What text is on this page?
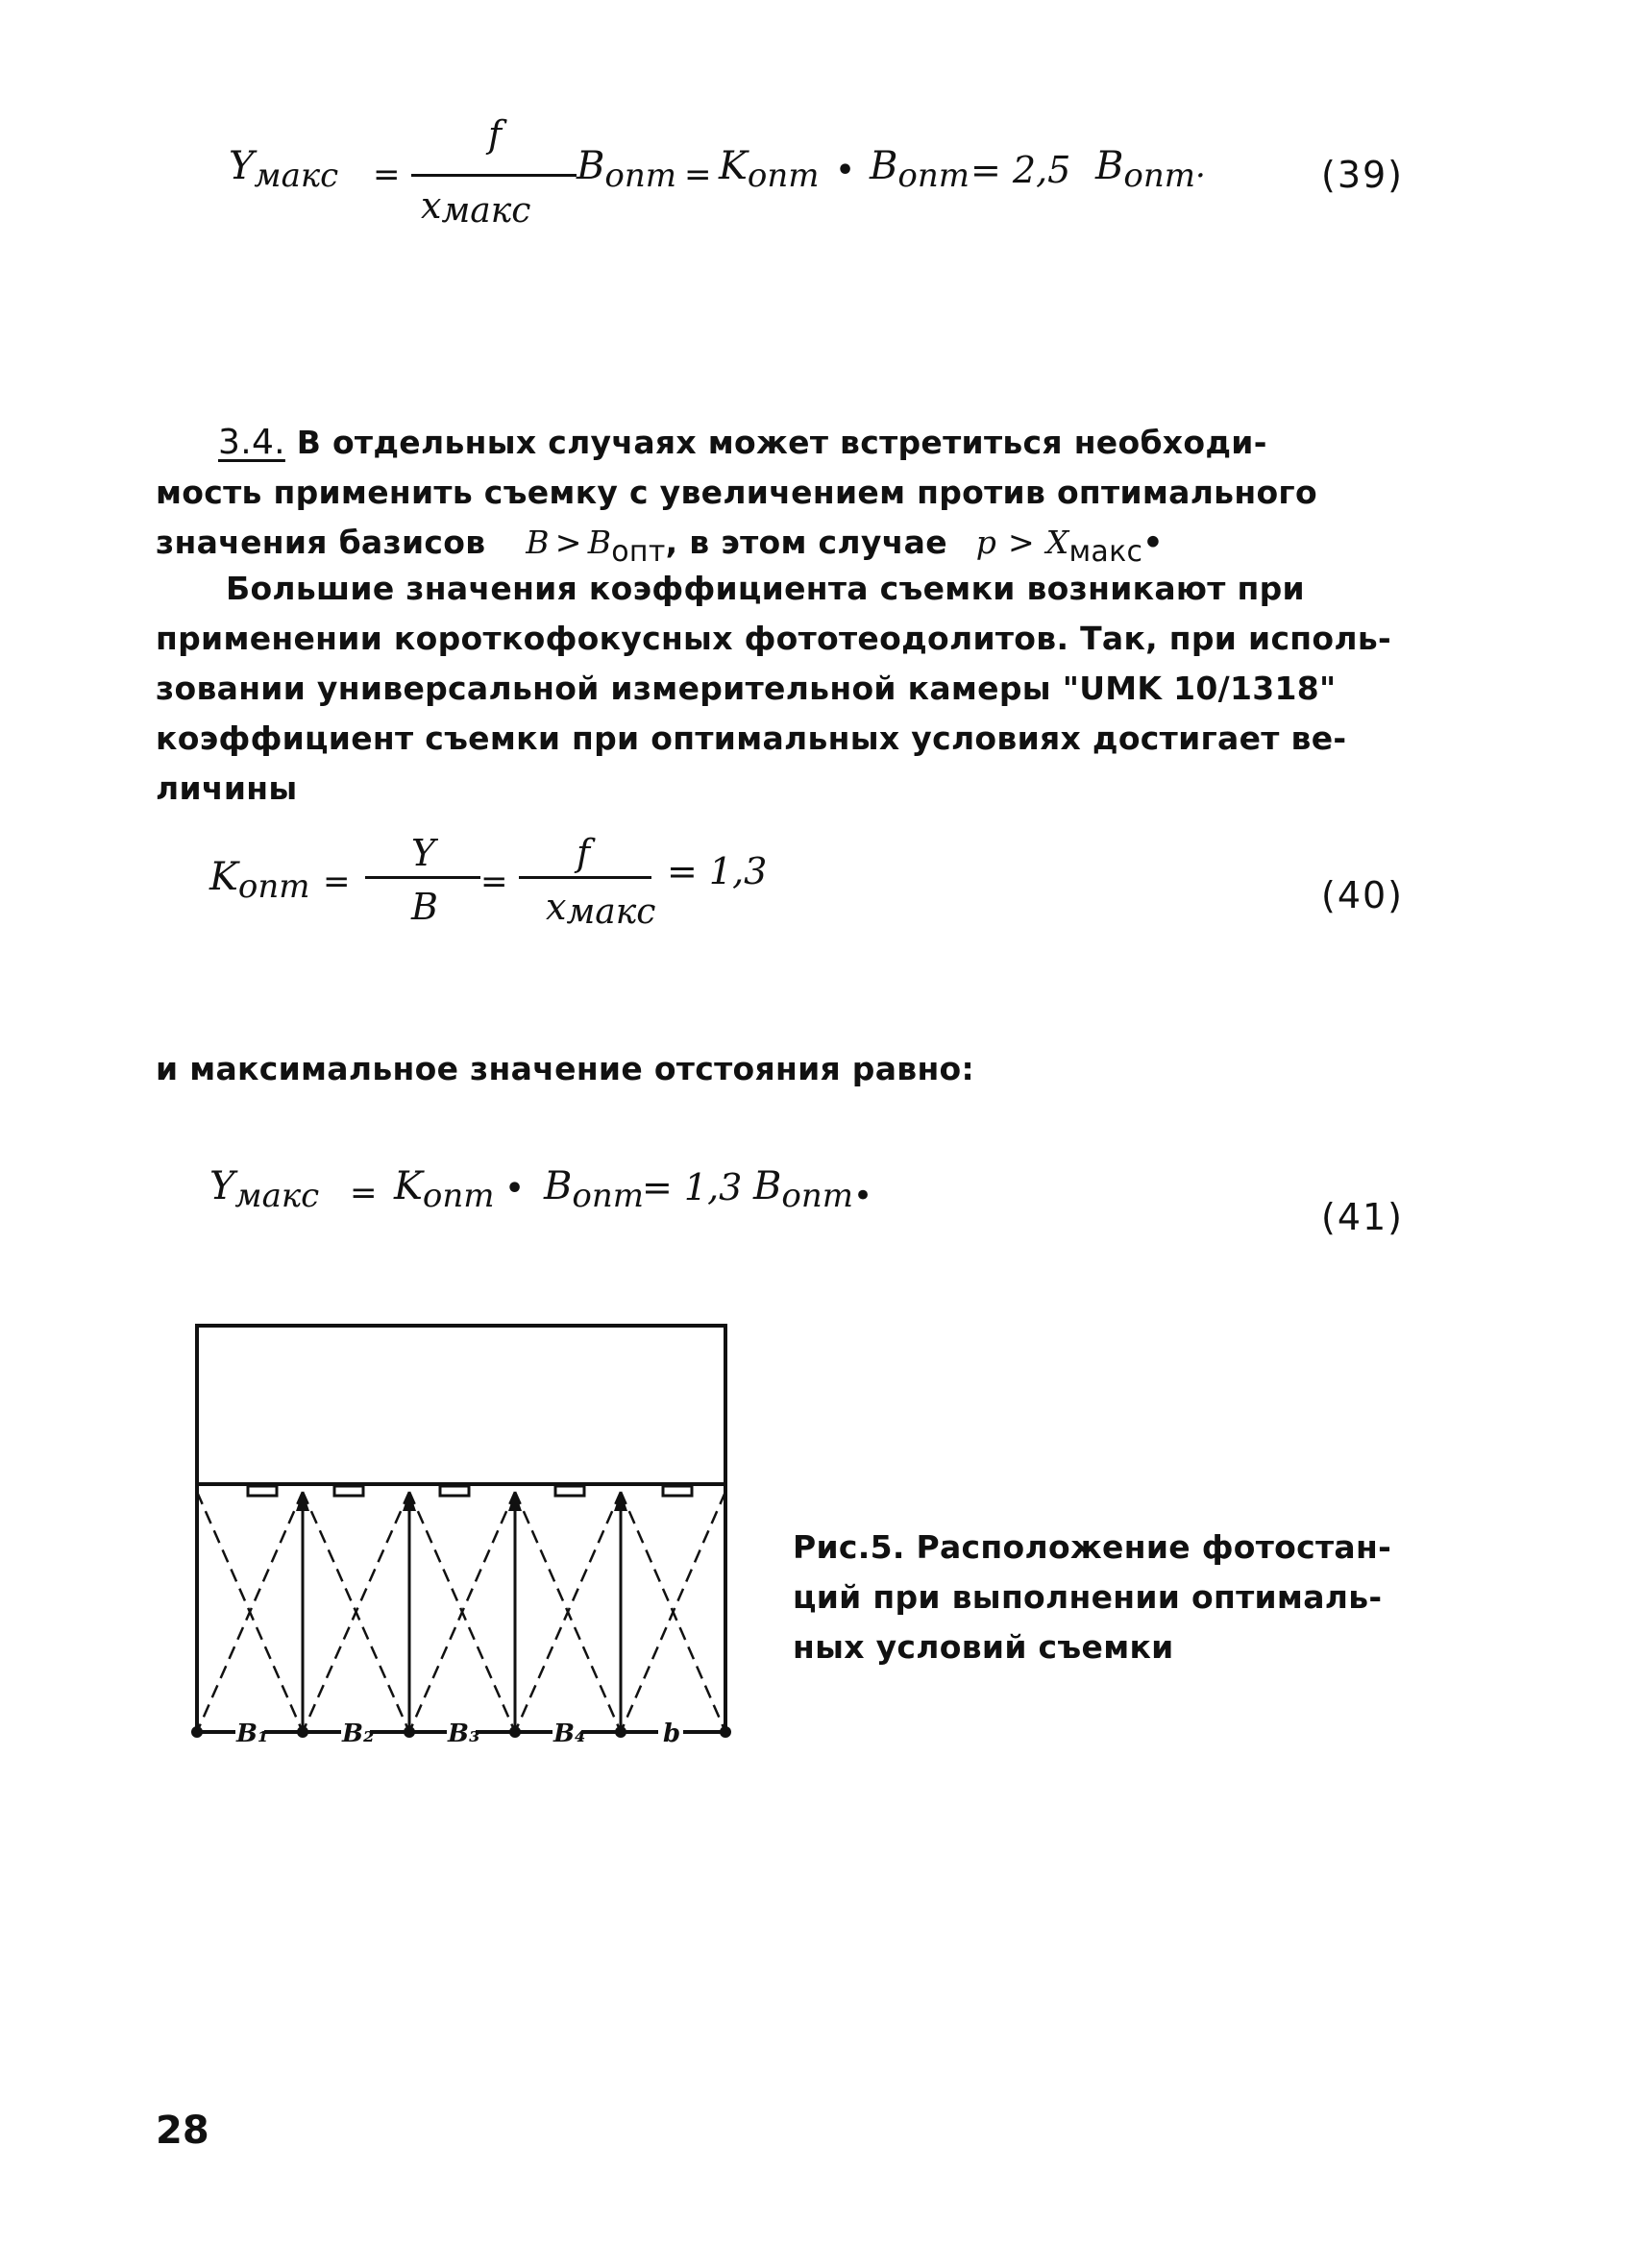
$Y_{макс}$ =
f
$x_{макс}$
$B_{опт} = K_{опт}$ • $B_{опт} = 2,5$ $B_{опт\cdot}$	(39)
3.4. В отдельных случаях может встретиться необходи-
мость применить съемку с увеличением против оптимального
значения базисов $B > B_{опт}$, в этом случае $p > X_{макс}•$
Большие значения коэффициента съемки возникают при
применении короткофокусных фототеодолитов. Так, при исполь-
зовании универсальной измерительной камеры "UMK 10/1318"
коэффициент съемки при оптимальных условиях достигает ве-
личины
$K_{опт}$ =
Y
B
=
f
$x_{макс}$
= 1,3
(40)
и максимальное значение отстояния равно:
$Y_{макс} = K_{опт}$ • $B_{опт}$
= 1,3 $B_{опт•}$	(41)
B₁	B₂	B₃	B₄	b
Рис.5. Расположение фотостан-
ций при выполнении оптималь-
ных условий съемки
28
